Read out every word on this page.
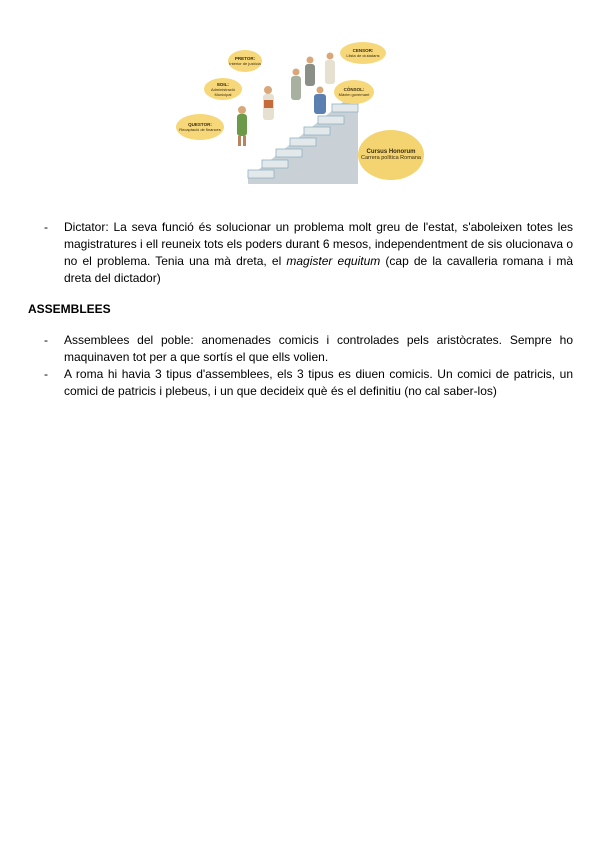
PRETOR:
Interior de justícia
EDIL:
Administració Municipal
QUESTOR:
Recaptació de finances
CENSOR:
Llista de ciutadans
CÒNSOL:
Màxim governant
Cursus Honorum
Carrera política Romana
- Dictator: La seva funció és solucionar un problema molt greu de l'estat, s'aboleixen totes les magistratures i ell reuneix tots els poders durant 6 mesos, independentment de sis olucionava o no el problema. Tenia una mà dreta, el magister equitum (cap de la cavalleria romana i mà dreta del dictador)
ASSEMBLEES
- Assemblees del poble: anomenades comicis i controlades pels aristòcrates. Sempre ho maquinaven tot per a que sortís el que ells volien.
- A roma hi havia 3 tipus d'assemblees, els 3 tipus es diuen comicis. Un comici de patricis, un comici de patricis i plebeus, i un que decideix què és el definitiu (no cal saber-los)
